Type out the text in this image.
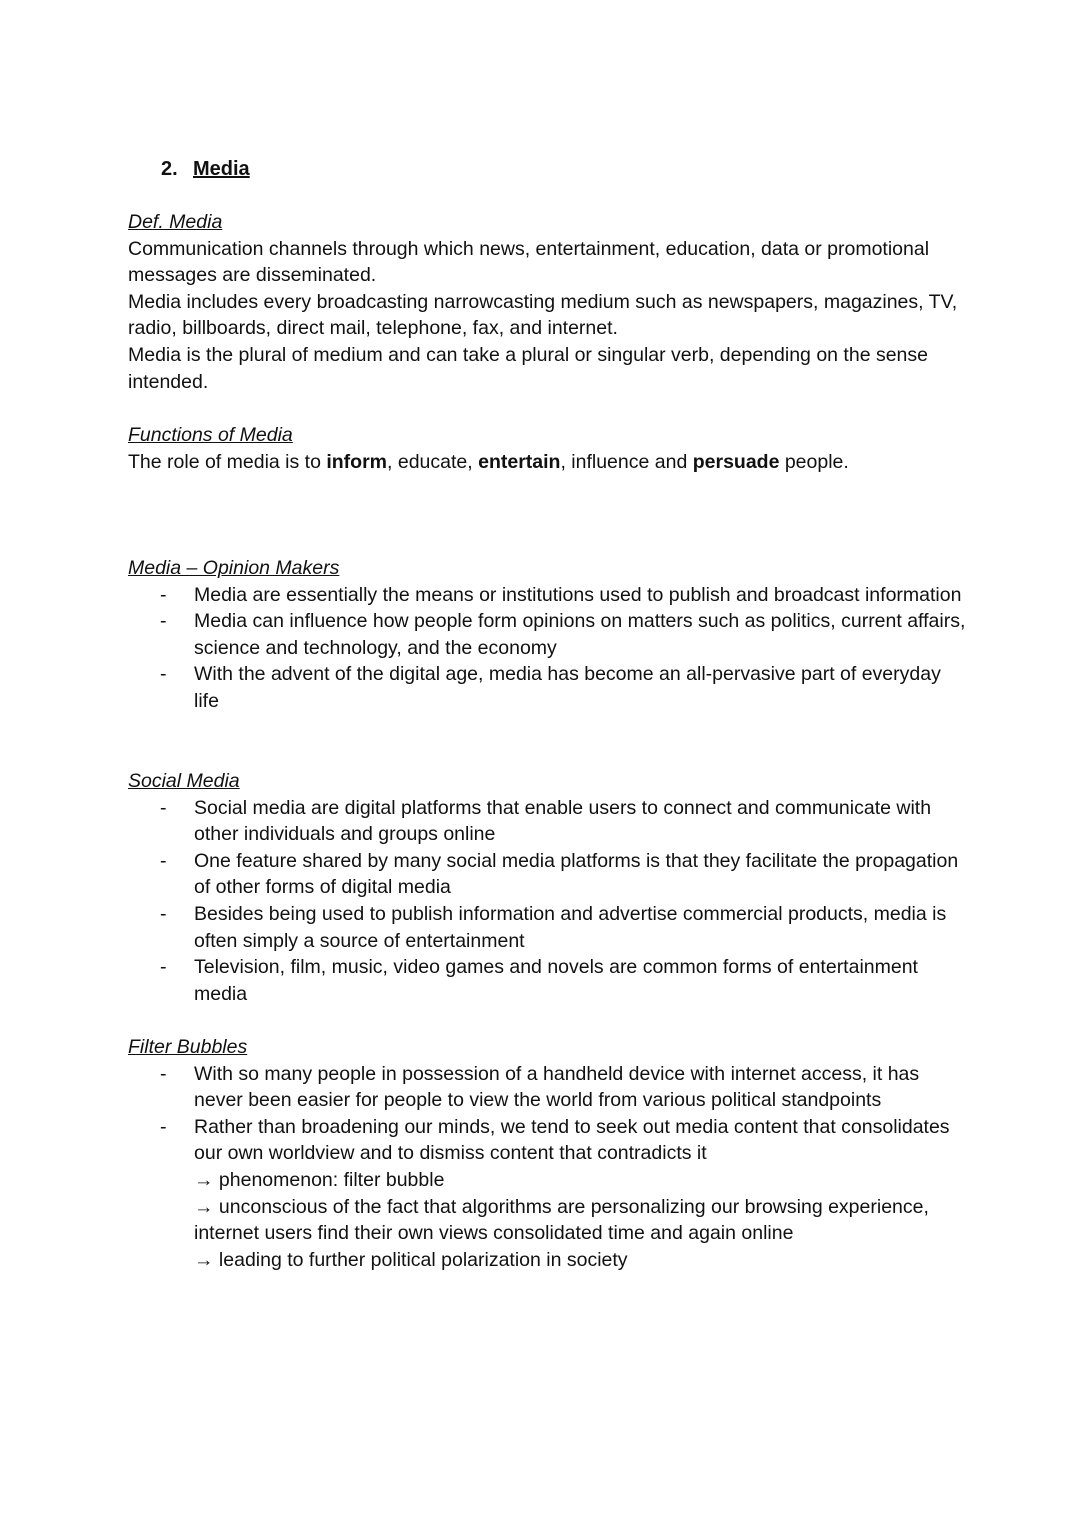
2. Media
Def. Media
Communication channels through which news, entertainment, education, data or promotional messages are disseminated.
Media includes every broadcasting narrowcasting medium such as newspapers, magazines, TV, radio, billboards, direct mail, telephone, fax, and internet.
Media is the plural of medium and can take a plural or singular verb, depending on the sense intended.
Functions of Media
The role of media is to inform, educate, entertain, influence and persuade people.
Media – Opinion Makers
- Media are essentially the means or institutions used to publish and broadcast information
- Media can influence how people form opinions on matters such as politics, current affairs, science and technology, and the economy
- With the advent of the digital age, media has become an all-pervasive part of everyday life
Social Media
- Social media are digital platforms that enable users to connect and communicate with other individuals and groups online
- One feature shared by many social media platforms is that they facilitate the propagation of other forms of digital media
- Besides being used to publish information and advertise commercial products, media is often simply a source of entertainment
- Television, film, music, video games and novels are common forms of entertainment media
Filter Bubbles
- With so many people in possession of a handheld device with internet access, it has never been easier for people to view the world from various political standpoints
- Rather than broadening our minds, we tend to seek out media content that consolidates our own worldview and to dismiss content that contradicts it
→ phenomenon: filter bubble
→ unconscious of the fact that algorithms are personalizing our browsing experience, internet users find their own views consolidated time and again online
→ leading to further political polarization in society
